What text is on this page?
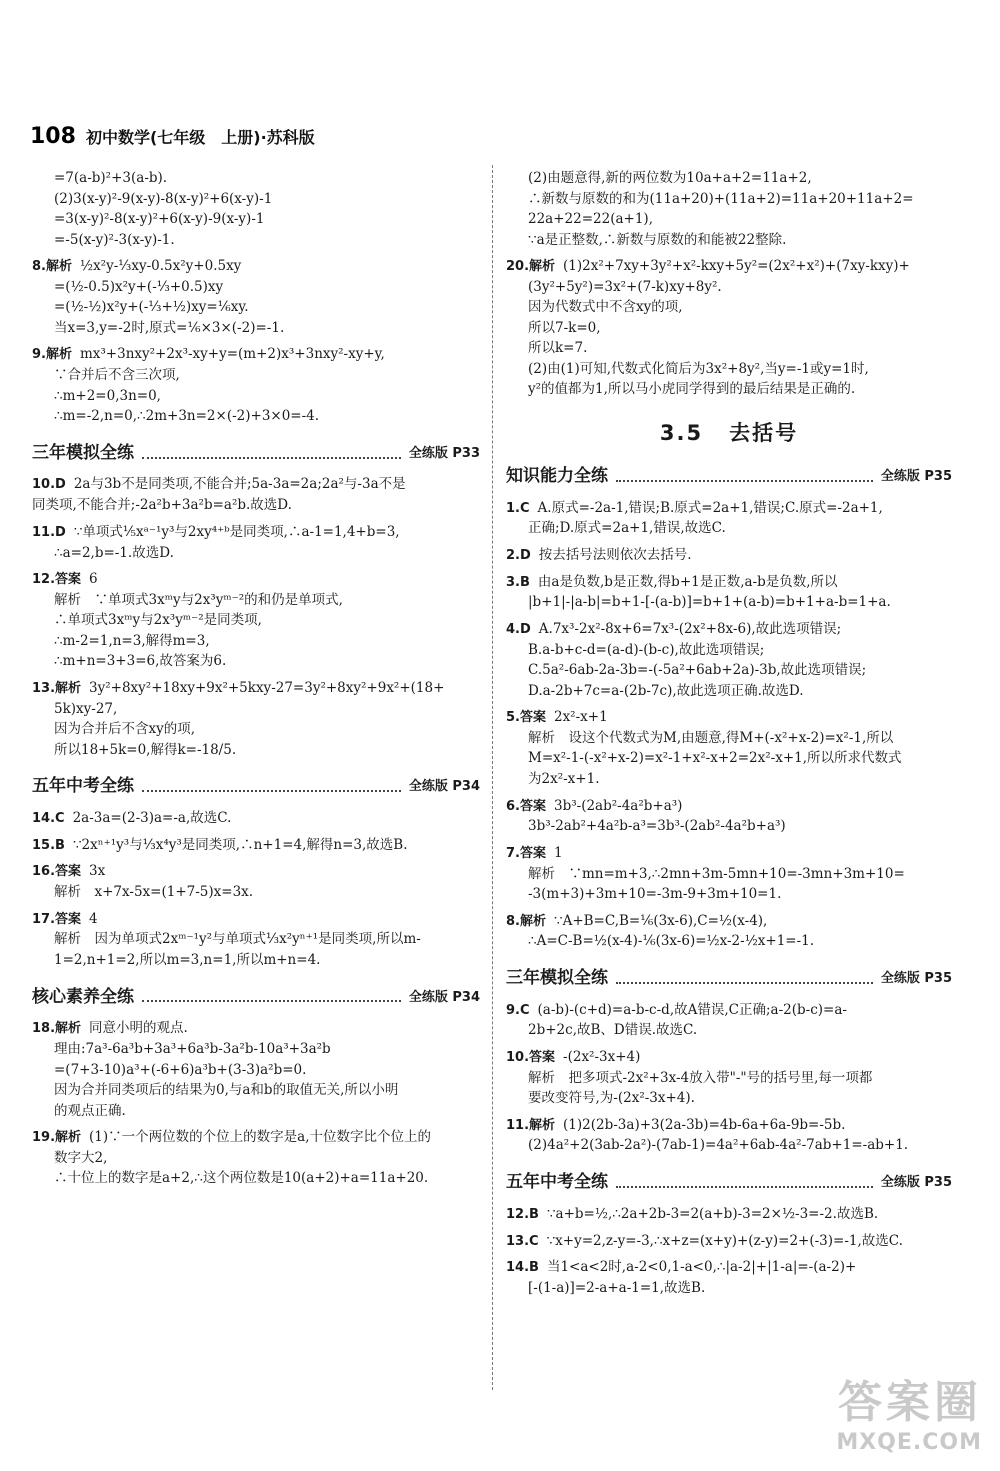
108 初中数学(七年级　上册)·苏科版
=7(a-b)²+3(a-b).
(2)3(x-y)²-9(x-y)-8(x-y)²+6(x-y)-1
=3(x-y)²-8(x-y)²+6(x-y)-9(x-y)-1
=-5(x-y)²-3(x-y)-1.
8.解析 ½x²y-⅓xy-0.5x²y+0.5xy
=(½-0.5)x²y+(-⅓+0.5)xy
=(½-½)x²y+(-⅓+½)xy=⅙xy.
当x=3,y=-2时,原式=⅙×3×(-2)=-1.
9.解析 mx³+3nxy²+2x³-xy+y=(m+2)x³+3nxy²-xy+y,
∵合并后不含三次项,
∴m+2=0,3n=0,
∴m=-2,n=0,∴2m+3n=2×(-2)+3×0=-4.
三年模拟全练	全练版 P33
10.D 2a与3b不是同类项,不能合并;5a-3a=2a;2a²与-3a不是
同类项,不能合并;-2a²b+3a²b=a²b.故选D.
11.D ∵单项式⅕xᵃ⁻¹y³与2xy⁴⁺ᵇ是同类项,∴a-1=1,4+b=3,
∴a=2,b=-1.故选D.
12.答案 6
解析　∵单项式3xᵐy与2x³yᵐ⁻²的和仍是单项式,
∴单项式3xᵐy与2x³yᵐ⁻²是同类项,
∴m-2=1,n=3,解得m=3,
∴m+n=3+3=6,故答案为6.
13.解析 3y²+8xy²+18xy+9x²+5kxy-27=3y²+8xy²+9x²+(18+
5k)xy-27,
因为合并后不含xy的项,
所以18+5k=0,解得k=-18/5.
五年中考全练	全练版 P34
14.C 2a-3a=(2-3)a=-a,故选C.
15.B ∵2xⁿ⁺¹y³与⅓x⁴y³是同类项,∴n+1=4,解得n=3,故选B.
16.答案 3x
解析　x+7x-5x=(1+7-5)x=3x.
17.答案 4
解析　因为单项式2xᵐ⁻¹y²与单项式⅓x²yⁿ⁺¹是同类项,所以m-
1=2,n+1=2,所以m=3,n=1,所以m+n=4.
核心素养全练	全练版 P34
18.解析 同意小明的观点.
理由:7a³-6a³b+3a³+6a³b-3a²b-10a³+3a²b
=(7+3-10)a³+(-6+6)a³b+(3-3)a²b=0.
因为合并同类项后的结果为0,与a和b的取值无关,所以小明
的观点正确.
19.解析 (1)∵一个两位数的个位上的数字是a,十位数字比个位上的
数字大2,
∴十位上的数字是a+2,∴这个两位数是10(a+2)+a=11a+20.
(2)由题意得,新的两位数为10a+a+2=11a+2,
∴新数与原数的和为(11a+20)+(11a+2)=11a+20+11a+2=
22a+22=22(a+1),
∵a是正整数,∴新数与原数的和能被22整除.
20.解析 (1)2x²+7xy+3y²+x²-kxy+5y²=(2x²+x²)+(7xy-kxy)+
(3y²+5y²)=3x²+(7-k)xy+8y².
因为代数式中不含xy的项,
所以7-k=0,
所以k=7.
(2)由(1)可知,代数式化简后为3x²+8y²,当y=-1或y=1时,
y²的值都为1,所以马小虎同学得到的最后结果是正确的.
3.5 去括号
知识能力全练	全练版 P35
1.C A.原式=-2a-1,错误;B.原式=2a+1,错误;C.原式=-2a+1,
正确;D.原式=2a+1,错误,故选C.
2.D 按去括号法则依次去括号.
3.B 由a是负数,b是正数,得b+1是正数,a-b是负数,所以
|b+1|-|a-b|=b+1-[-(a-b)]=b+1+(a-b)=b+1+a-b=1+a.
4.D A.7x³-2x²-8x+6=7x³-(2x²+8x-6),故此选项错误;
B.a-b+c-d=(a-d)-(b-c),故此选项错误;
C.5a²-6ab-2a-3b=-(-5a²+6ab+2a)-3b,故此选项错误;
D.a-2b+7c=a-(2b-7c),故此选项正确.故选D.
5.答案 2x²-x+1
解析　设这个代数式为M,由题意,得M+(-x²+x-2)=x²-1,所以
M=x²-1-(-x²+x-2)=x²-1+x²-x+2=2x²-x+1,所以所求代数式
为2x²-x+1.
6.答案 3b³-(2ab²-4a²b+a³)
3b³-2ab²+4a²b-a³=3b³-(2ab²-4a²b+a³)
7.答案 1
解析　∵mn=m+3,∴2mn+3m-5mn+10=-3mn+3m+10=
-3(m+3)+3m+10=-3m-9+3m+10=1.
8.解析 ∵A+B=C,B=⅙(3x-6),C=½(x-4),
∴A=C-B=½(x-4)-⅙(3x-6)=½x-2-½x+1=-1.
三年模拟全练	全练版 P35
9.C (a-b)-(c+d)=a-b-c-d,故A错误,C正确;a-2(b-c)=a-
2b+2c,故B、D错误.故选C.
10.答案 -(2x²-3x+4)
解析　把多项式-2x²+3x-4放入带"-"号的括号里,每一项都
要改变符号,为-(2x²-3x+4).
11.解析 (1)2(2b-3a)+3(2a-3b)=4b-6a+6a-9b=-5b.
(2)4a²+2(3ab-2a²)-(7ab-1)=4a²+6ab-4a²-7ab+1=-ab+1.
五年中考全练	全练版 P35
12.B ∵a+b=½,∴2a+2b-3=2(a+b)-3=2×½-3=-2.故选B.
13.C ∵x+y=2,z-y=-3,∴x+z=(x+y)+(z-y)=2+(-3)=-1,故选C.
14.B 当1<a<2时,a-2<0,1-a<0,∴|a-2|+|1-a|=-(a-2)+
[-(1-a)]=2-a+a-1=1,故选B.
答案圈
MXQE.COM
